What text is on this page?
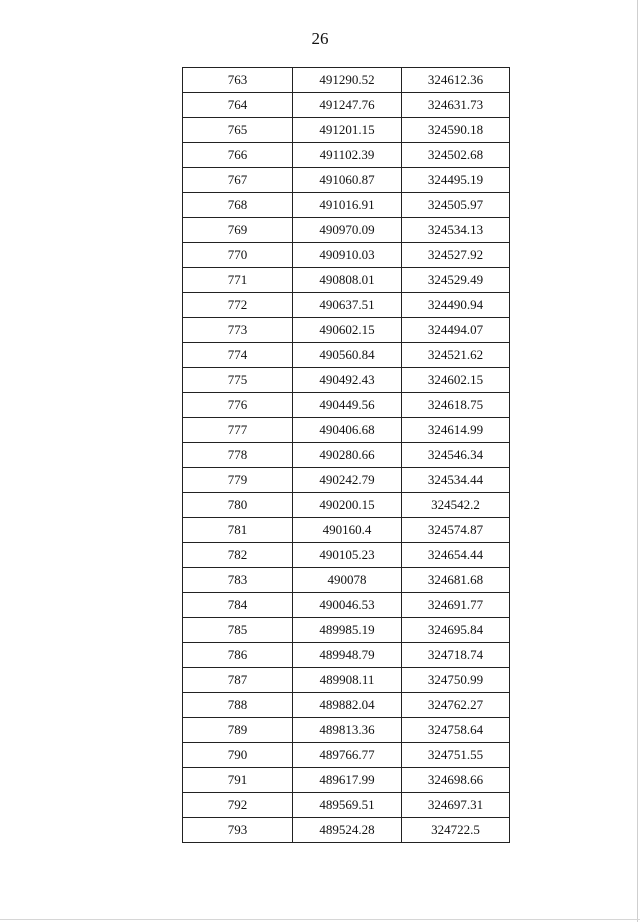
26
763	491290.52	324612.36
764	491247.76	324631.73
765	491201.15	324590.18
766	491102.39	324502.68
767	491060.87	324495.19
768	491016.91	324505.97
769	490970.09	324534.13
770	490910.03	324527.92
771	490808.01	324529.49
772	490637.51	324490.94
773	490602.15	324494.07
774	490560.84	324521.62
775	490492.43	324602.15
776	490449.56	324618.75
777	490406.68	324614.99
778	490280.66	324546.34
779	490242.79	324534.44
780	490200.15	324542.2
781	490160.4	324574.87
782	490105.23	324654.44
783	490078	324681.68
784	490046.53	324691.77
785	489985.19	324695.84
786	489948.79	324718.74
787	489908.11	324750.99
788	489882.04	324762.27
789	489813.36	324758.64
790	489766.77	324751.55
791	489617.99	324698.66
792	489569.51	324697.31
793	489524.28	324722.5
